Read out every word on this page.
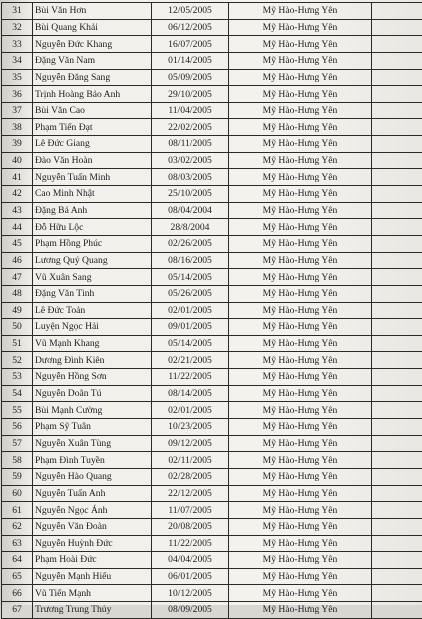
31	Bùi Văn Hơn	12/05/2005	Mỹ Hào-Hưng Yên	
32	Bùi Quang Khải	06/12/2005	Mỹ Hào-Hưng Yên	
33	Nguyễn Đức Khang	16/07/2005	Mỹ Hào-Hưng Yên	
34	Đặng Văn Nam	01/14/2005	Mỹ Hào-Hưng Yên	
35	Nguyễn Đăng Sang	05/09/2005	Mỹ Hào-Hưng Yên	
36	Trịnh Hoàng Bảo Anh	29/10/2005	Mỹ Hào-Hưng Yên	
37	Bùi Văn Cao	11/04/2005	Mỹ Hào-Hưng Yên	
38	Phạm Tiến Đạt	22/02/2005	Mỹ Hào-Hưng Yên	
39	Lê Đức Giang	08/11/2005	Mỹ Hào-Hưng Yên	
40	Đào Văn Hoàn	03/02/2005	Mỹ Hào-Hưng Yên	
41	Nguyễn Tuấn Minh	08/03/2005	Mỹ Hào-Hưng Yên	
42	Cao Minh Nhật	25/10/2005	Mỹ Hào-Hưng Yên	
43	Đặng Bá Anh	08/04/2004	Mỹ Hào-Hưng Yên	
44	Đỗ Hữu Lộc	28/8/2004	Mỹ Hào-Hưng Yên	
45	Phạm Hồng Phúc	02/26/2005	Mỹ Hào-Hưng Yên	
46	Lương Quý Quang	08/16/2005	Mỹ Hào-Hưng Yên	
47	Vũ Xuân Sang	05/14/2005	Mỹ Hào-Hưng Yên	
48	Đặng Văn Tình	05/26/2005	Mỹ Hào-Hưng Yên	
49	Lê Đức Toản	02/01/2005	Mỹ Hào-Hưng Yên	
50	Luyện Ngọc Hải	09/01/2005	Mỹ Hào-Hưng Yên	
51	Vũ Mạnh Khang	05/14/2005	Mỹ Hào-Hưng Yên	
52	Dương Đình Kiên	02/21/2005	Mỹ Hào-Hưng Yên	
53	Nguyễn Hồng Sơn	11/22/2005	Mỹ Hào-Hưng Yên	
54	Nguyễn Doãn Tú	08/14/2005	Mỹ Hào-Hưng Yên	
55	Bùi Mạnh Cường	02/01/2005	Mỹ Hào-Hưng Yên	
56	Phạm Sỹ Tuân	10/23/2005	Mỹ Hào-Hưng Yên	
57	Nguyễn Xuân Tùng	09/12/2005	Mỹ Hào-Hưng Yên	
58	Phạm Đình Tuyền	02/11/2005	Mỹ Hào-Hưng Yên	
59	Nguyễn Hào Quang	02/28/2005	Mỹ Hào-Hưng Yên	
60	Nguyễn Tuấn Anh	22/12/2005	Mỹ Hào-Hưng Yên	
61	Nguyễn Ngọc Ánh	11/07/2005	Mỹ Hào-Hưng Yên	
62	Nguyễn Văn Đoàn	20/08/2005	Mỹ Hào-Hưng Yên	
63	Nguyễn Huỳnh Đức	11/22/2005	Mỹ Hào-Hưng Yên	
64	Phạm Hoài Đức	04/04/2005	Mỹ Hào-Hưng Yên	
65	Nguyễn Mạnh Hiếu	06/01/2005	Mỹ Hào-Hưng Yên	
66	Vũ Tiến Mạnh	10/12/2005	Mỹ Hào-Hưng Yên	
67	Trương Trung Thủy	08/09/2005	Mỹ Hào-Hưng Yên	
